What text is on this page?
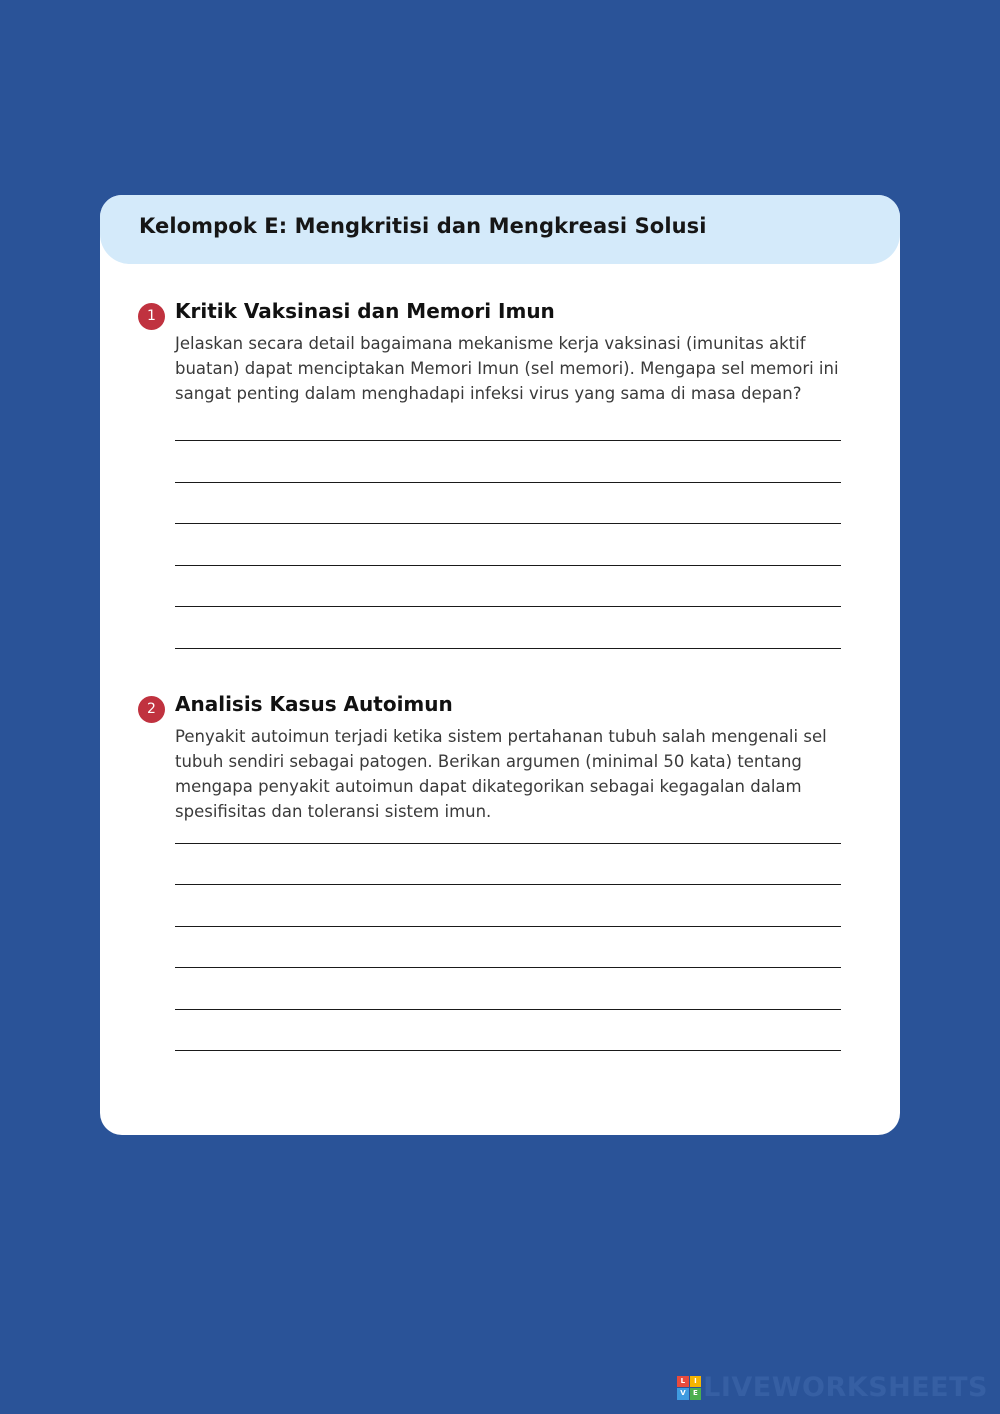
Kelompok E: Mengkritisi dan Mengkreasi Solusi
1 Kritik Vaksinasi dan Memori Imun
Jelaskan secara detail bagaimana mekanisme kerja vaksinasi (imunitas aktif buatan) dapat menciptakan Memori Imun (sel memori). Mengapa sel memori ini sangat penting dalam menghadapi infeksi virus yang sama di masa depan?
2 Analisis Kasus Autoimun
Penyakit autoimun terjadi ketika sistem pertahanan tubuh salah mengenali sel tubuh sendiri sebagai patogen. Berikan argumen (minimal 50 kata) tentang mengapa penyakit autoimun dapat dikategorikan sebagai kegagalan dalam spesifisitas dan toleransi sistem imun.
L	I
V	E LIVEWORKSHEETS
